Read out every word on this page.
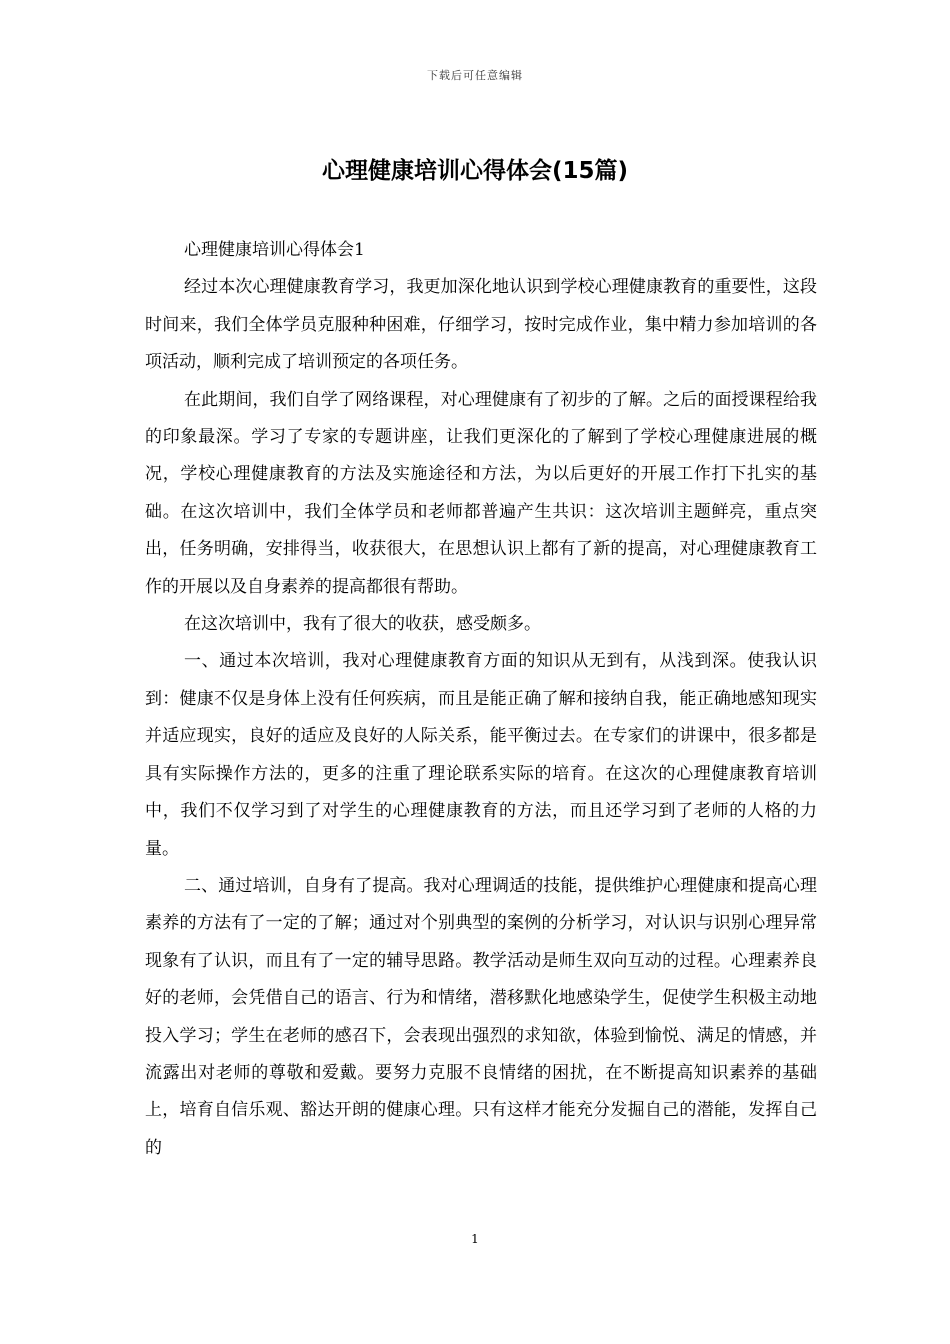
下载后可任意编辑
心理健康培训心得体会(15篇)

心理健康培训心得体会1

经过本次心理健康教育学习，我更加深化地认识到学校心理健康教育的重要性，这段时间来，我们全体学员克服种种困难，仔细学习，按时完成作业，集中精力参加培训的各项活动，顺利完成了培训预定的各项任务。

在此期间，我们自学了网络课程，对心理健康有了初步的了解。之后的面授课程给我的印象最深。学习了专家的专题讲座，让我们更深化的了解到了学校心理健康进展的概况，学校心理健康教育的方法及实施途径和方法，为以后更好的开展工作打下扎实的基础。在这次培训中，我们全体学员和老师都普遍产生共识：这次培训主题鲜亮，重点突出，任务明确，安排得当，收获很大，在思想认识上都有了新的提高，对心理健康教育工作的开展以及自身素养的提高都很有帮助。

在这次培训中，我有了很大的收获，感受颇多。

一、通过本次培训，我对心理健康教育方面的知识从无到有，从浅到深。使我认识到：健康不仅是身体上没有任何疾病，而且是能正确了解和接纳自我，能正确地感知现实并适应现实，良好的适应及良好的人际关系，能平衡过去。在专家们的讲课中，很多都是具有实际操作方法的，更多的注重了理论联系实际的培育。在这次的心理健康教育培训中，我们不仅学习到了对学生的心理健康教育的方法，而且还学习到了老师的人格的力量。

二、通过培训，自身有了提高。我对心理调适的技能，提供维护心理健康和提高心理素养的方法有了一定的了解；通过对个别典型的案例的分析学习，对认识与识别心理异常现象有了认识，而且有了一定的辅导思路。教学活动是师生双向互动的过程。心理素养良好的老师，会凭借自己的语言、行为和情绪，潜移默化地感染学生，促使学生积极主动地投入学习；学生在老师的感召下，会表现出强烈的求知欲，体验到愉悦、满足的情感，并流露出对老师的尊敬和爱戴。要努力克服不良情绪的困扰，在不断提高知识素养的基础上，培育自信乐观、豁达开朗的健康心理。只有这样才能充分发掘自己的潜能，发挥自己的

1
